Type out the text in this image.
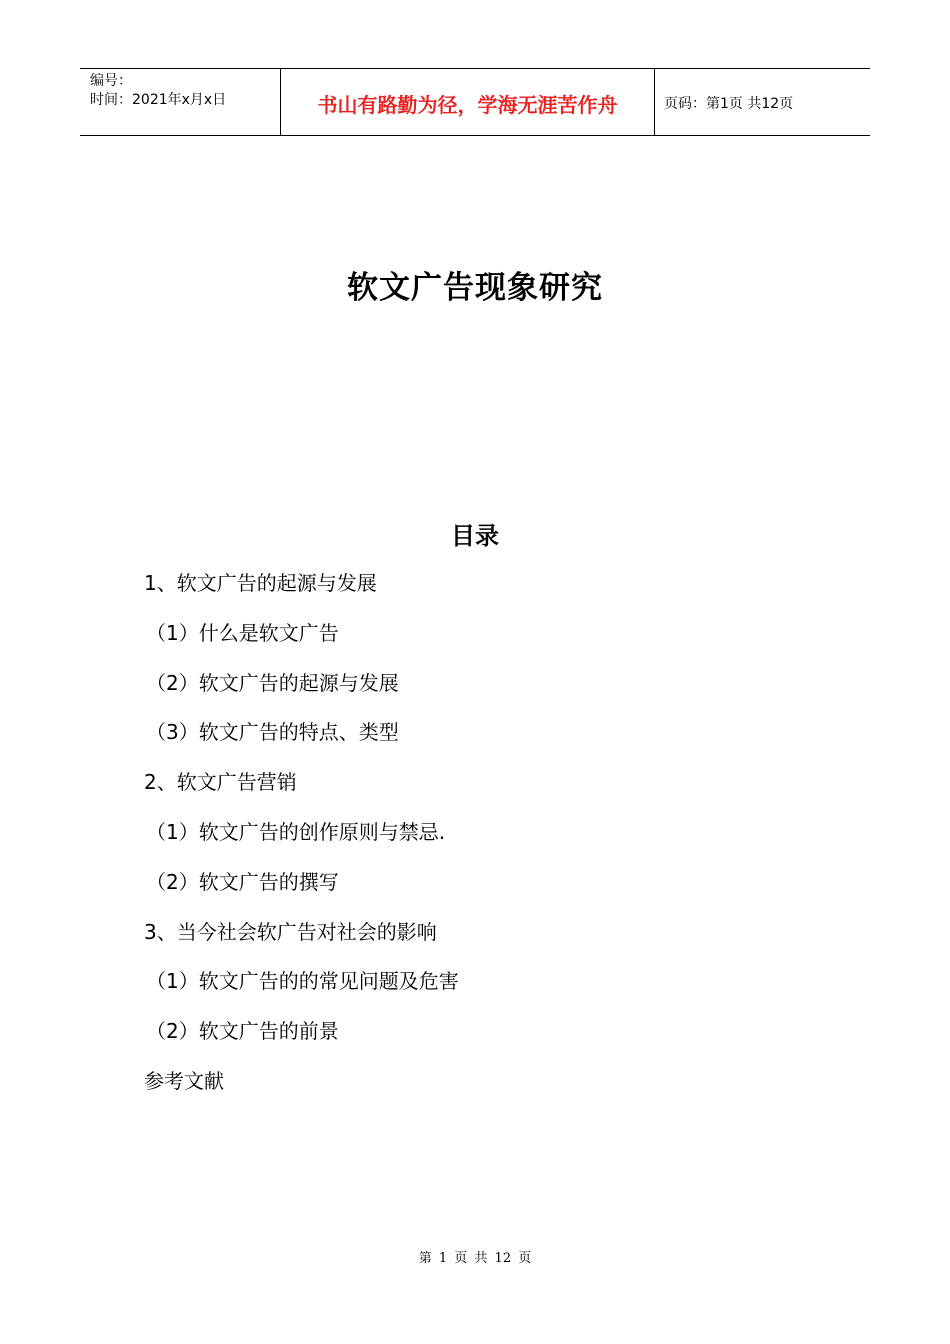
编号：
时间：2021年x月x日	书山有路勤为径，学海无涯苦作舟	页码：第1页 共12页
软文广告现象研究
目录
1、软文广告的起源与发展
（1）什么是软文广告
（2）软文广告的起源与发展
（3）软文广告的特点、类型
2、软文广告营销
（1）软文广告的创作原则与禁忌.
（2）软文广告的撰写
3、当今社会软广告对社会的影响
（1）软文广告的的常见问题及危害
（2）软文广告的前景
参考文献
第 1 页 共 12 页
